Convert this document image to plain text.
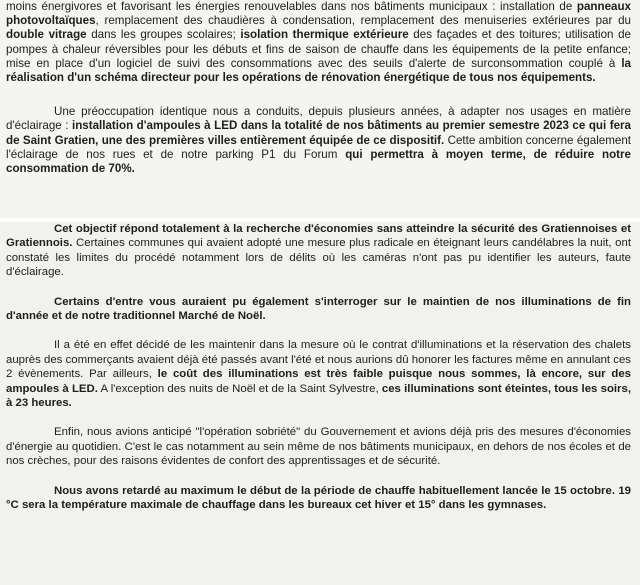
moins énergivores et favorisant les énergies renouvelables dans nos bâtiments municipaux : installation de panneaux photovoltaïques, remplacement des chaudières à condensation, remplacement des menuiseries extérieures par du double vitrage dans les groupes scolaires; isolation thermique extérieure des façades et des toitures; utilisation de pompes à chaleur réversibles pour les débuts et fins de saison de chauffe dans les équipements de la petite enfance; mise en place d'un logiciel de suivi des consommations avec des seuils d'alerte de surconsommation couplé à la réalisation d'un schéma directeur pour les opérations de rénovation énergétique de tous nos équipements.

Une préoccupation identique nous a conduits, depuis plusieurs années, à adapter nos usages en matière d'éclairage : installation d'ampoules à LED dans la totalité de nos bâtiments au premier semestre 2023 ce qui fera de Saint Gratien, une des premières villes entièrement équipée de ce dispositif. Cette ambition concerne également l'éclairage de nos rues et de notre parking P1 du Forum qui permettra à moyen terme, de réduire notre consommation de 70%.

Cet objectif répond totalement à la recherche d'économies sans atteindre la sécurité des Gratiennoises et Gratiennois. Certaines communes qui avaient adopté une mesure plus radicale en éteignant leurs candélabres la nuit, ont constaté les limites du procédé notamment lors de délits où les caméras n'ont pas pu identifier les auteurs, faute d'éclairage.

Certains d'entre vous auraient pu également s'interroger sur le maintien de nos illuminations de fin d'année et de notre traditionnel Marché de Noël.

Il a été en effet décidé de les maintenir dans la mesure où le contrat d'illuminations et la réservation des chalets auprès des commerçants avaient déjà été passés avant l'été et nous aurions dû honorer les factures même en annulant ces 2 évènements. Par ailleurs, le coût des illuminations est très faible puisque nous sommes, là encore, sur des ampoules à LED. A l'exception des nuits de Noël et de la Saint Sylvestre, ces illuminations sont éteintes, tous les soirs, à 23 heures.

Enfin, nous avions anticipé "l'opération sobriété" du Gouvernement et avions déjà pris des mesures d'économies d'énergie au quotidien. C'est le cas notamment au sein même de nos bâtiments municipaux, en dehors de nos écoles et de nos crèches, pour des raisons évidentes de confort des apprentissages et de sécurité.

Nous avons retardé au maximum le début de la période de chauffe habituellement lancée le 15 octobre. 19 °C sera la température maximale de chauffage dans les bureaux cet hiver et 15° dans les gymnases.
